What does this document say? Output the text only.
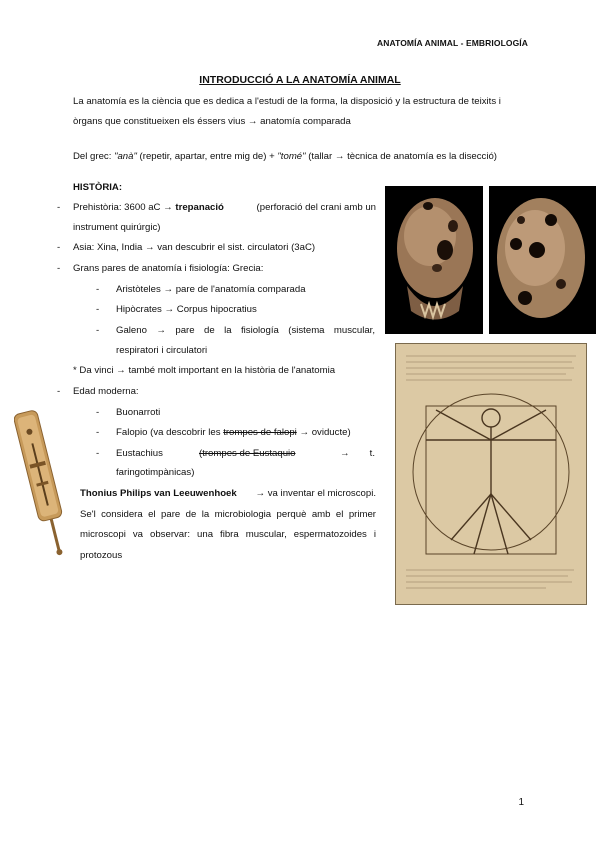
ANATOMÍA ANIMAL - EMBRIOLOGÍA
INTRODUCCIÓ A LA ANATOMÍA ANIMAL
La anatomía es la ciència que es dedica a l'estudi de la forma, la disposició y la estructura de teixits i
òrgans que constitueixen els éssers vius → anatomía comparada
Del grec: "anà" (repetir, apartar, entre mig de) + "tomé" (tallar → tècnica de anatomía es la disecció)
HISTÒRIA:
- Prehistòria: 3600 aC → trepanació	(perforació del crani amb un
instrument quirúrgic)
- Asia: Xina, India → van descubrir el sist. circulatori (3aC)
- Grans pares de anatomía i fisiología: Grecia:
- Aristòteles → pare de l'anatomía comparada
- Hipòcrates → Corpus hipocratius
- Galeno → pare de la fisiología (sistema muscular,
respiratori i circulatori
* Da vinci → també molt important en la història de l'anatomia
- Edad moderna:
- Buonarroti
- Falopio (va descobrir les trompes de falopi → oviducte)
- Eustachius	(trompes de Eustaquio	→ t.
faringotimpànicas)
Thonius Philips van Leeuwenhoek → va inventar el microscopi.
Se'l considera el pare de la microbiologia perquè amb el primer
microscopi va observar: una fibra muscular, espermatozoides i
protozous
1
